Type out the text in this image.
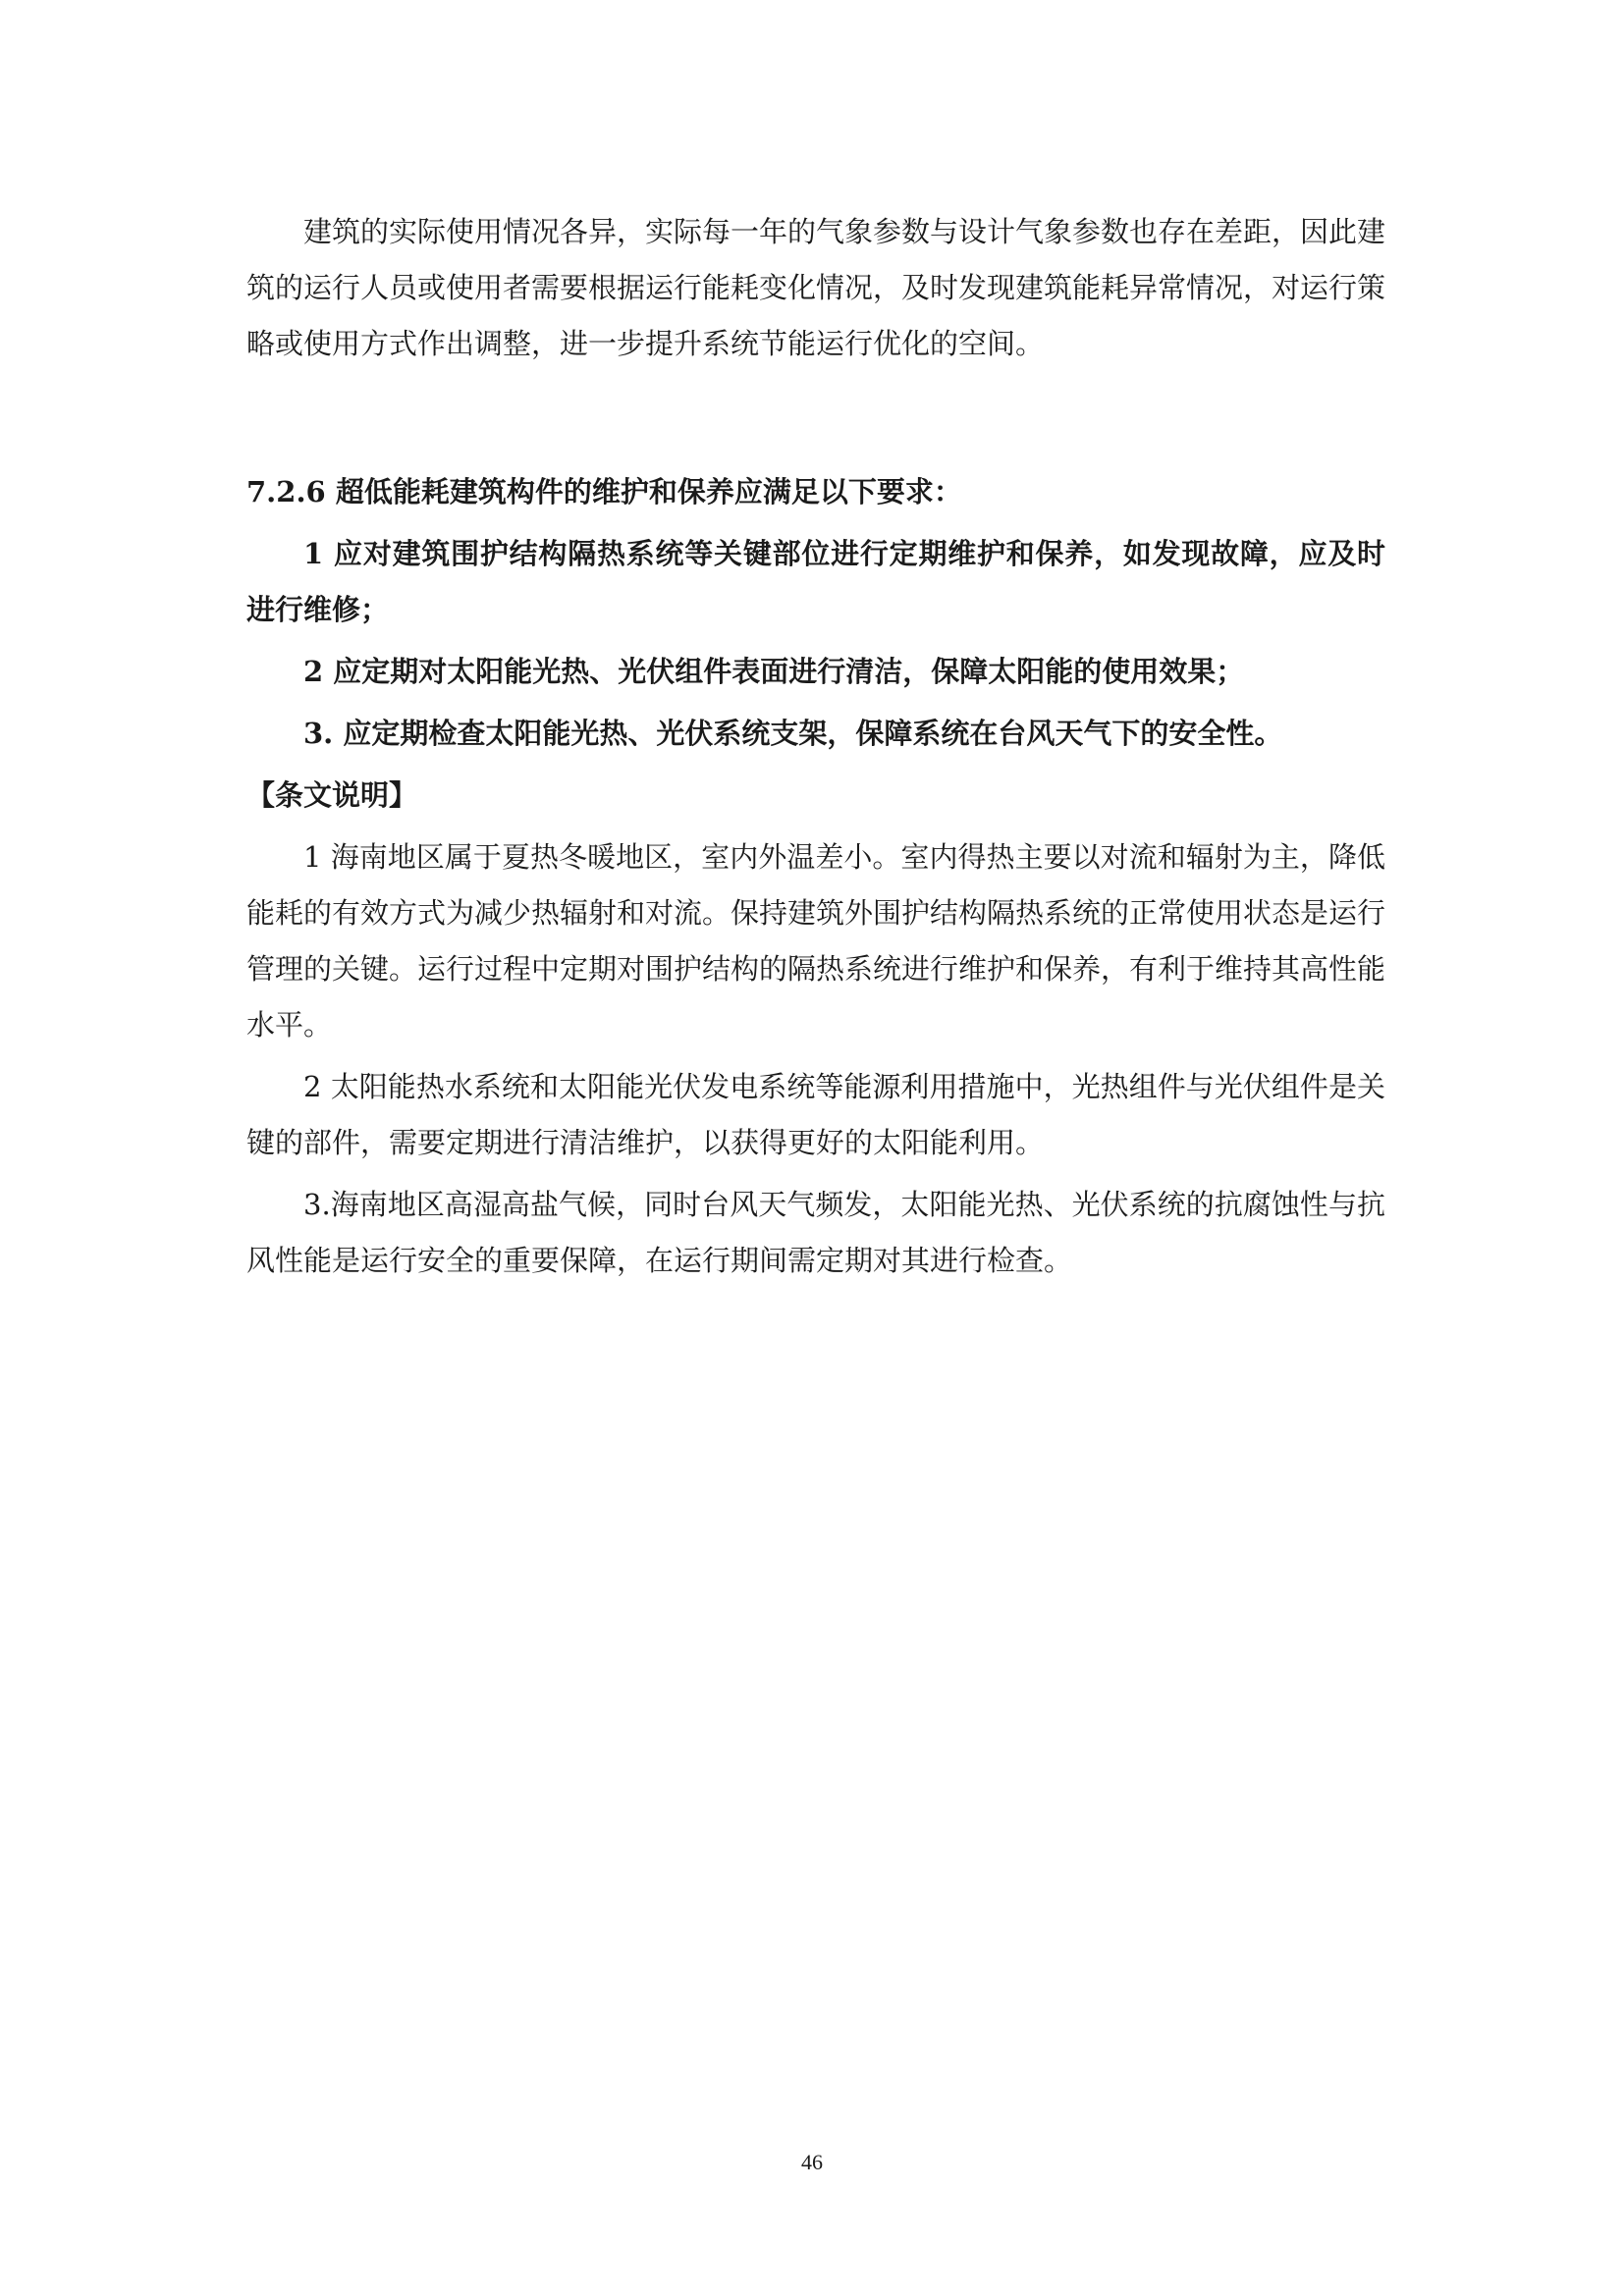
建筑的实际使用情况各异，实际每一年的气象参数与设计气象参数也存在差距，因此建筑的运行人员或使用者需要根据运行能耗变化情况，及时发现建筑能耗异常情况，对运行策略或使用方式作出调整，进一步提升系统节能运行优化的空间。

7.2.6 超低能耗建筑构件的维护和保养应满足以下要求：

1 应对建筑围护结构隔热系统等关键部位进行定期维护和保养，如发现故障，应及时进行维修；

2 应定期对太阳能光热、光伏组件表面进行清洁，保障太阳能的使用效果；

3. 应定期检查太阳能光热、光伏系统支架，保障系统在台风天气下的安全性。

【条文说明】

1 海南地区属于夏热冬暖地区，室内外温差小。室内得热主要以对流和辐射为主，降低能耗的有效方式为减少热辐射和对流。保持建筑外围护结构隔热系统的正常使用状态是运行管理的关键。运行过程中定期对围护结构的隔热系统进行维护和保养，有利于维持其高性能水平。

2 太阳能热水系统和太阳能光伏发电系统等能源利用措施中，光热组件与光伏组件是关键的部件，需要定期进行清洁维护，以获得更好的太阳能利用。

3.海南地区高湿高盐气候，同时台风天气频发，太阳能光热、光伏系统的抗腐蚀性与抗风性能是运行安全的重要保障，在运行期间需定期对其进行检查。

46
